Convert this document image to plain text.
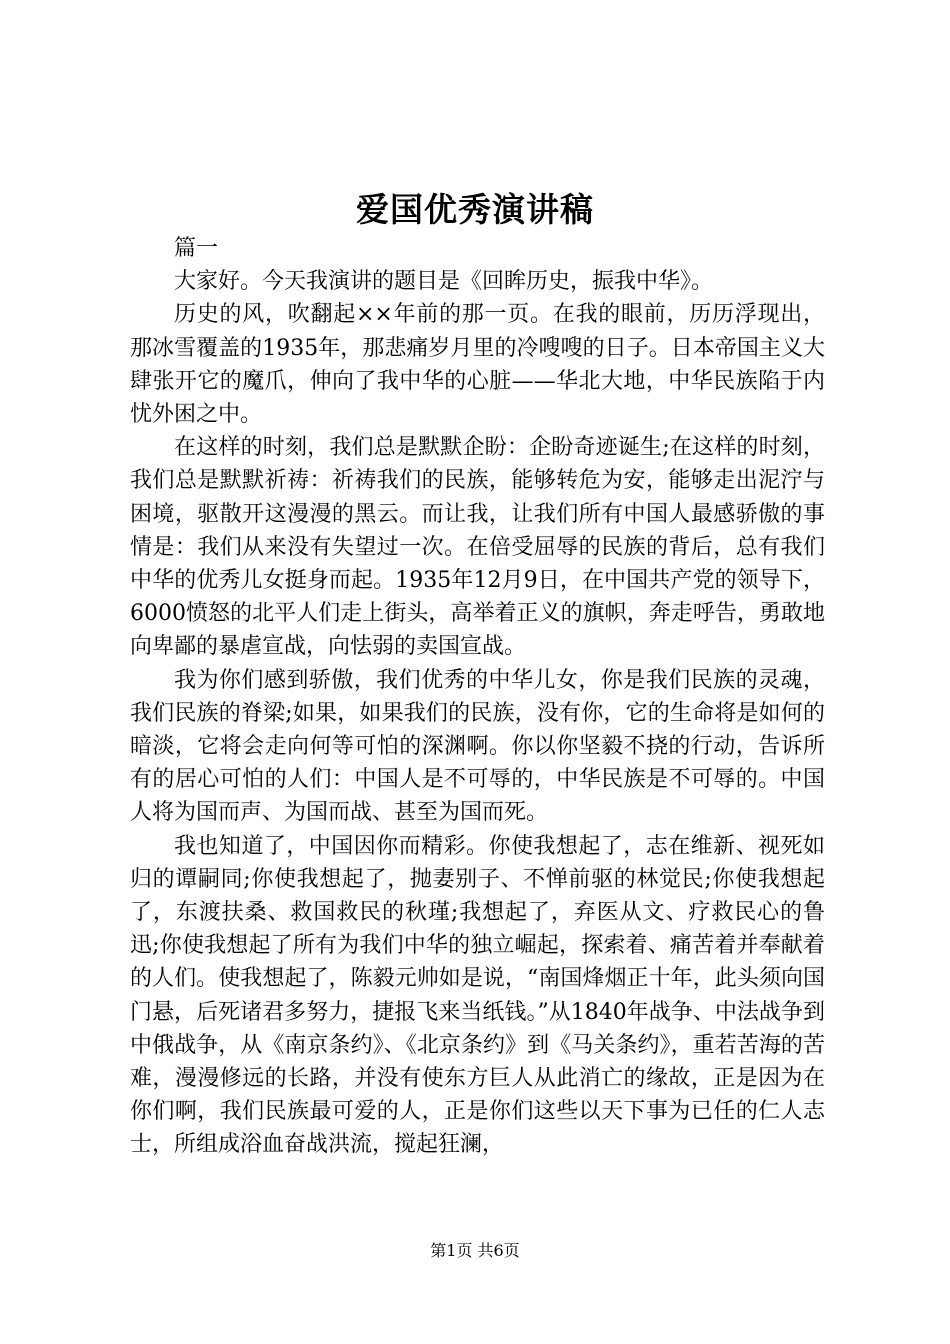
爱国优秀演讲稿

篇一

大家好。今天我演讲的题目是《回眸历史，振我中华》。

历史的风，吹翻起××年前的那一页。在我的眼前，历历浮现出，那冰雪覆盖的1935年，那悲痛岁月里的冷嗖嗖的日子。日本帝国主义大肆张开它的魔爪，伸向了我中华的心脏——华北大地，中华民族陷于内忧外困之中。

在这样的时刻，我们总是默默企盼：企盼奇迹诞生;在这样的时刻，我们总是默默祈祷：祈祷我们的民族，能够转危为安，能够走出泥泞与困境，驱散开这漫漫的黑云。而让我，让我们所有中国人最感骄傲的事情是：我们从来没有失望过一次。在倍受屈辱的民族的背后，总有我们中华的优秀儿女挺身而起。1935年12月9日，在中国共产党的领导下，6000愤怒的北平人们走上街头，高举着正义的旗帜，奔走呼告，勇敢地向卑鄙的暴虐宣战，向怯弱的卖国宣战。

我为你们感到骄傲，我们优秀的中华儿女，你是我们民族的灵魂，我们民族的脊梁;如果，如果我们的民族，没有你，它的生命将是如何的暗淡，它将会走向何等可怕的深渊啊。你以你坚毅不挠的行动，告诉所有的居心可怕的人们：中国人是不可辱的，中华民族是不可辱的。中国人将为国而声、为国而战、甚至为国而死。

我也知道了，中国因你而精彩。你使我想起了，志在维新、视死如归的谭嗣同;你使我想起了，抛妻别子、不惮前驱的林觉民;你使我想起了，东渡扶桑、救国救民的秋瑾;我想起了，弃医从文、疗救民心的鲁迅;你使我想起了所有为我们中华的独立崛起，探索着、痛苦着并奉献着的人们。使我想起了，陈毅元帅如是说，“南国烽烟正十年，此头须向国门悬，后死诸君多努力，捷报飞来当纸钱。”从1840年战争、中法战争到中俄战争，从《南京条约》、《北京条约》到《马关条约》，重若苦海的苦难，漫漫修远的长路，并没有使东方巨人从此消亡的缘故，正是因为在你们啊，我们民族最可爱的人，正是你们这些以天下事为已任的仁人志士，所组成浴血奋战洪流，搅起狂澜，

第1页 共6页
